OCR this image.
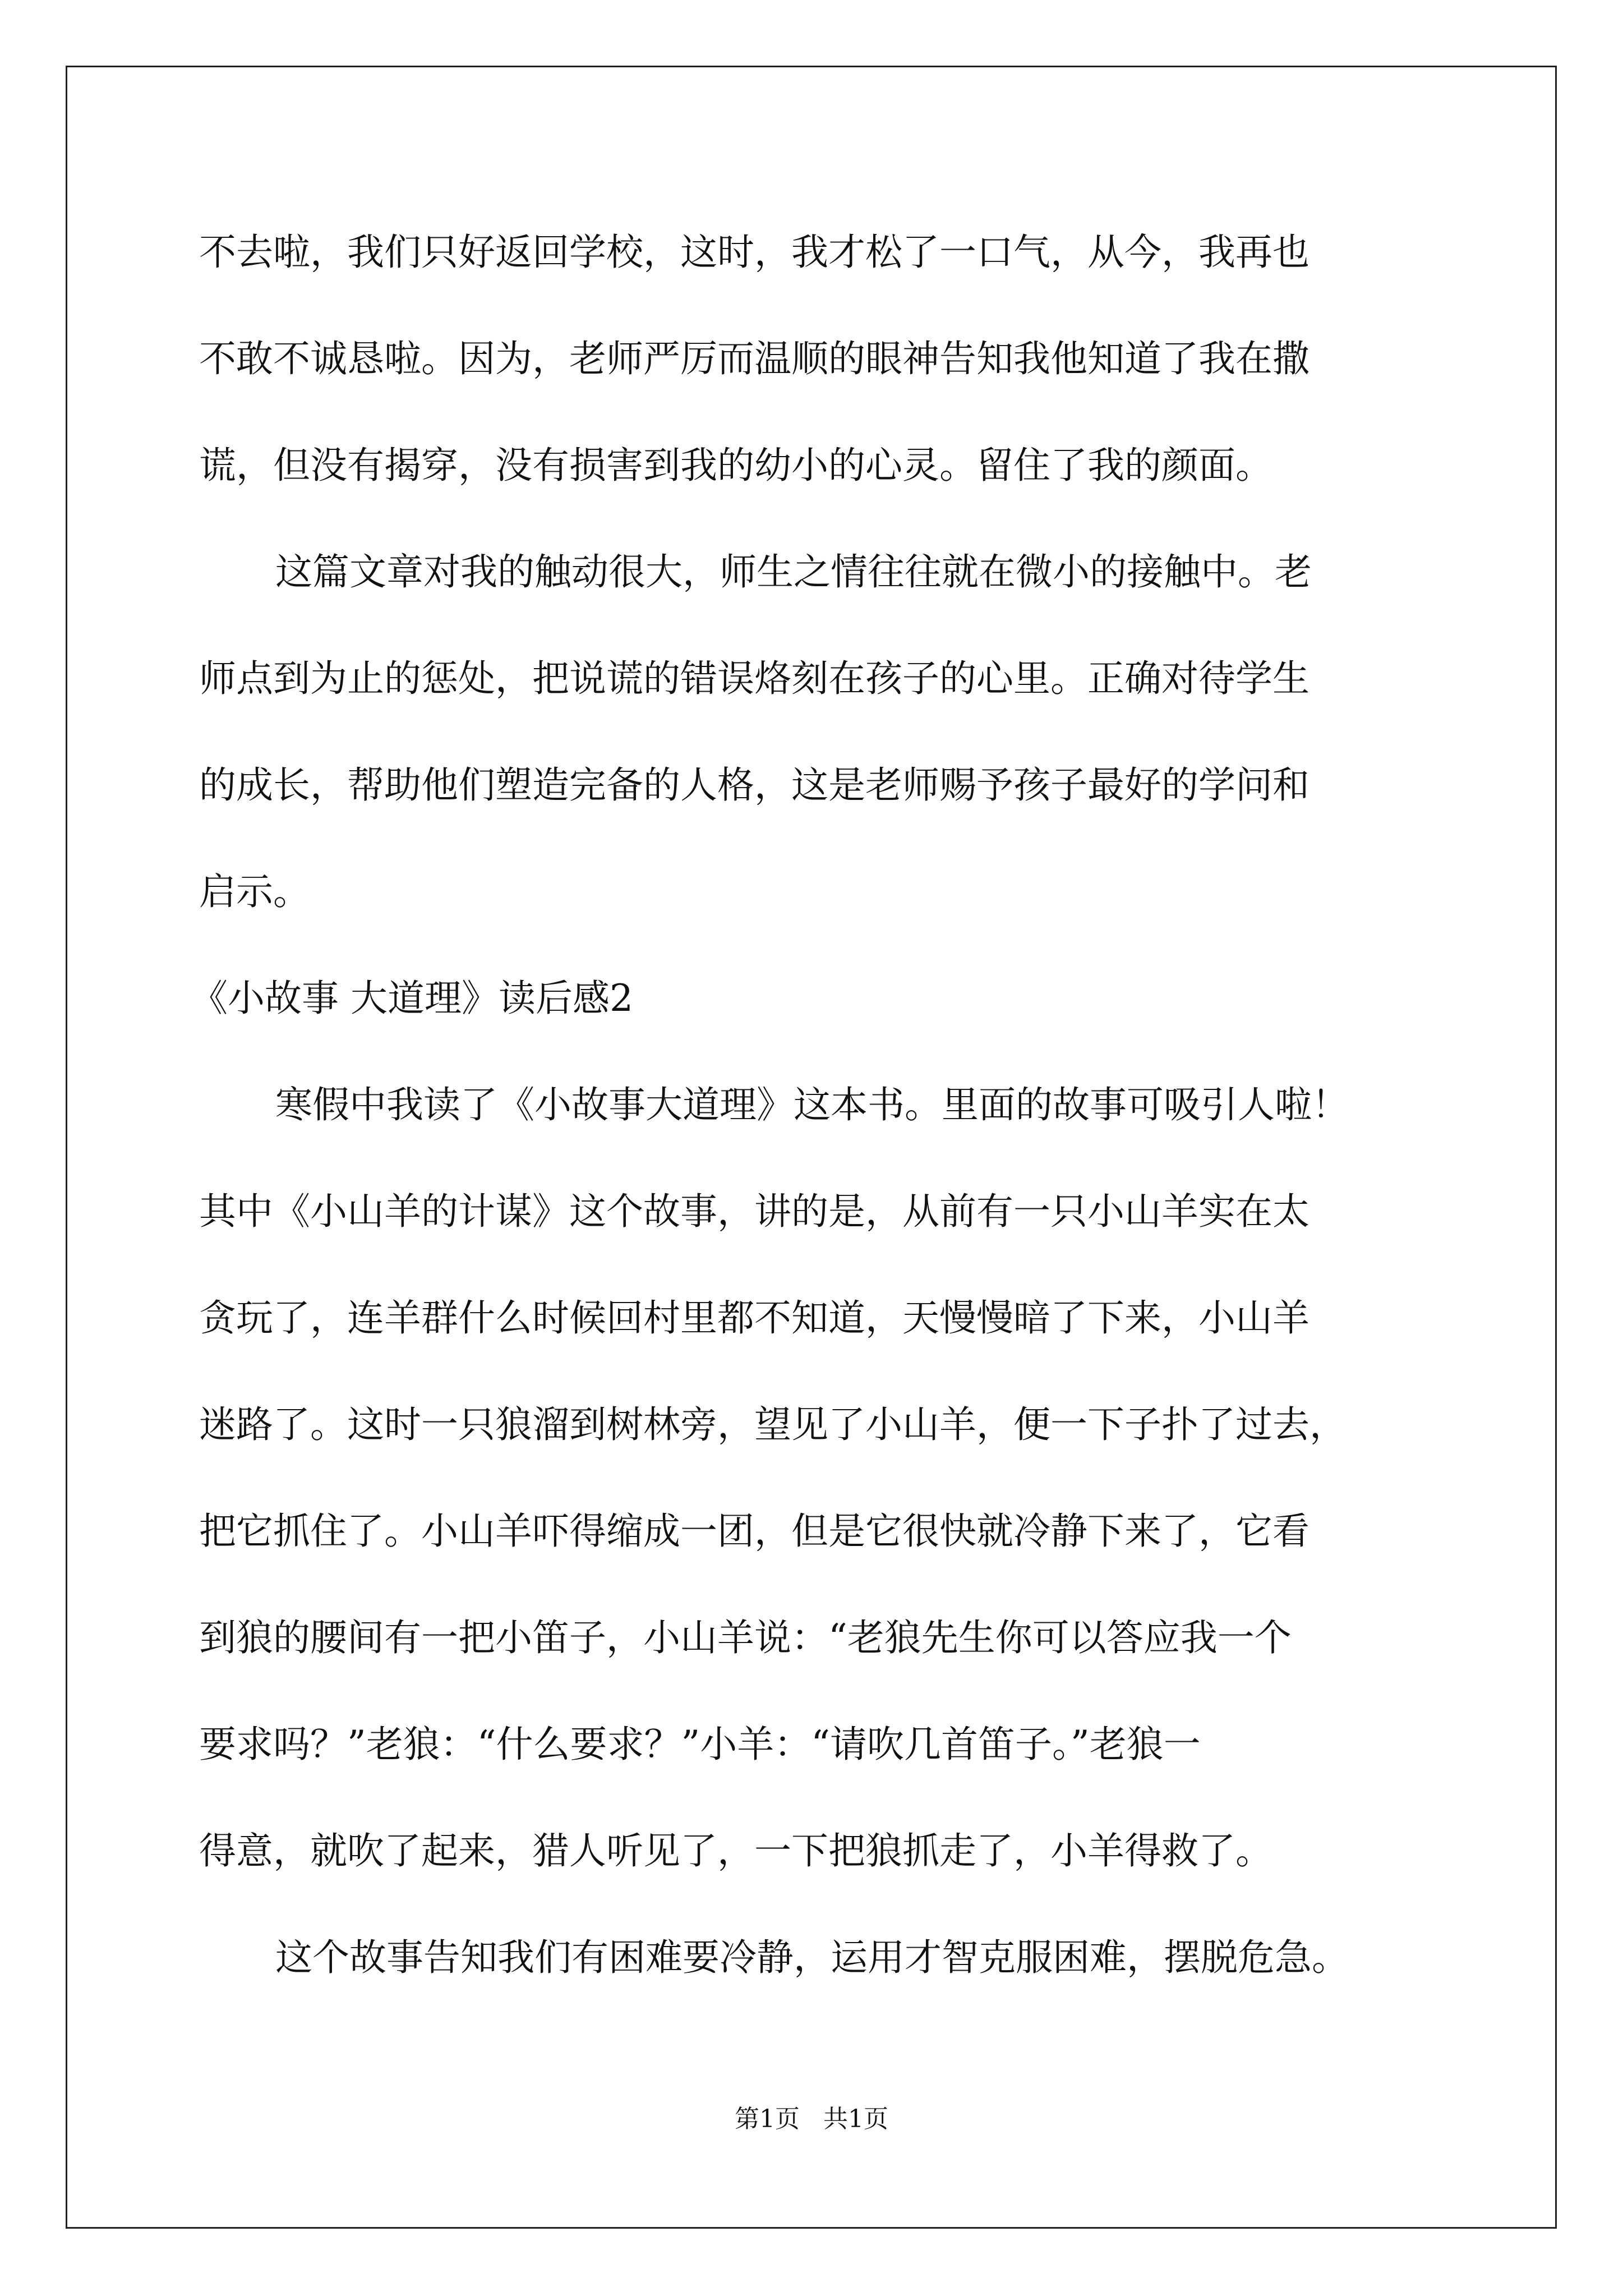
不去啦，我们只好返回学校，这时，我才松了一口气，从今，我再也
不敢不诚恳啦。因为，老师严厉而温顺的眼神告知我他知道了我在撒
谎，但没有揭穿，没有损害到我的幼小的心灵。留住了我的颜面。
这篇文章对我的触动很大，师生之情往往就在微小的接触中。老
师点到为止的惩处，把说谎的错误烙刻在孩子的心里。正确对待学生
的成长，帮助他们塑造完备的人格，这是老师赐予孩子最好的学问和
启示。
《小故事 大道理》读后感2
寒假中我读了《小故事大道理》这本书。里面的故事可吸引人啦！
其中《小山羊的计谋》这个故事，讲的是，从前有一只小山羊实在太
贪玩了，连羊群什么时候回村里都不知道，天慢慢暗了下来，小山羊
迷路了。这时一只狼溜到树林旁，望见了小山羊，便一下子扑了过去，
把它抓住了。小山羊吓得缩成一团，但是它很快就冷静下来了，它看
到狼的腰间有一把小笛子，小山羊说：“老狼先生你可以答应我一个
要求吗？”老狼：“什么要求？”小羊：“请吹几首笛子。”老狼一
得意，就吹了起来，猎人听见了，一下把狼抓走了，小羊得救了。
这个故事告知我们有困难要冷静，运用才智克服困难，摆脱危急。
第1页   共1页
